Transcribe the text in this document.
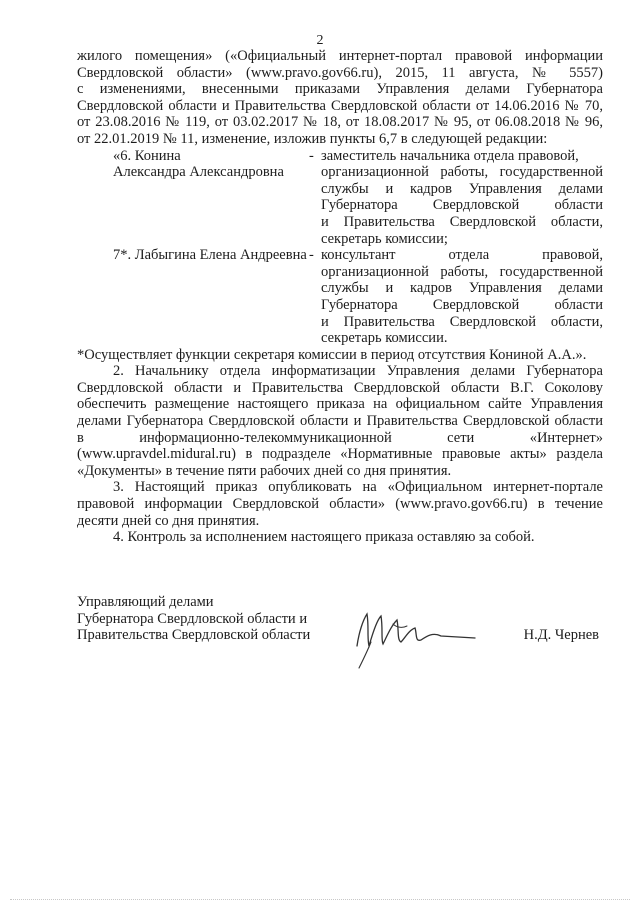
2

жилого помещения» («Официальный интернет-портал правовой информации

Свердловской области» (www.pravo.gov66.ru), 2015, 11 августа, № 5557)

с изменениями, внесенными приказами Управления делами Губернатора

Свердловской области и Правительства Свердловской области от 14.06.2016 № 70,

от 23.08.2016 № 119, от 03.02.2017 № 18, от 18.08.2017 № 95, от 06.08.2018 № 96,

от 22.01.2019 № 11, изменение, изложив пункты 6,7 в следующей редакции:

«6. Конина
Александра Александровна
- заместитель начальника отдела правовой,

организационной работы, государственной

службы и кадров Управления делами

Губернатора Свердловской области

и Правительства Свердловской области,

секретарь комиссии;

7*. Лабыгина Елена Андреевна - консультант отдела правовой,

организационной работы, государственной

службы и кадров Управления делами

Губернатора Свердловской области

и Правительства Свердловской области,

секретарь комиссии.

*Осуществляет функции секретаря комиссии в период отсутствия Кониной А.А.».

2. Начальнику отдела информатизации Управления делами Губернатора

Свердловской области и Правительства Свердловской области В.Г. Соколову

обеспечить размещение настоящего приказа на официальном сайте Управления

делами Губернатора Свердловской области и Правительства Свердловской области

в информационно-телекоммуникационной сети «Интернет»

(www.upravdel.midural.ru) в подразделе «Нормативные правовые акты» раздела

«Документы» в течение пяти рабочих дней со дня принятия.

3. Настоящий приказ опубликовать на «Официальном интернет-портале

правовой информации Свердловской области» (www.pravo.gov66.ru) в течение

десяти дней со дня принятия.

4. Контроль за исполнением настоящего приказа оставляю за собой.

Управляющий делами
Губернатора Свердловской области и
Правительства Свердловской области	Н.Д. Чернев
